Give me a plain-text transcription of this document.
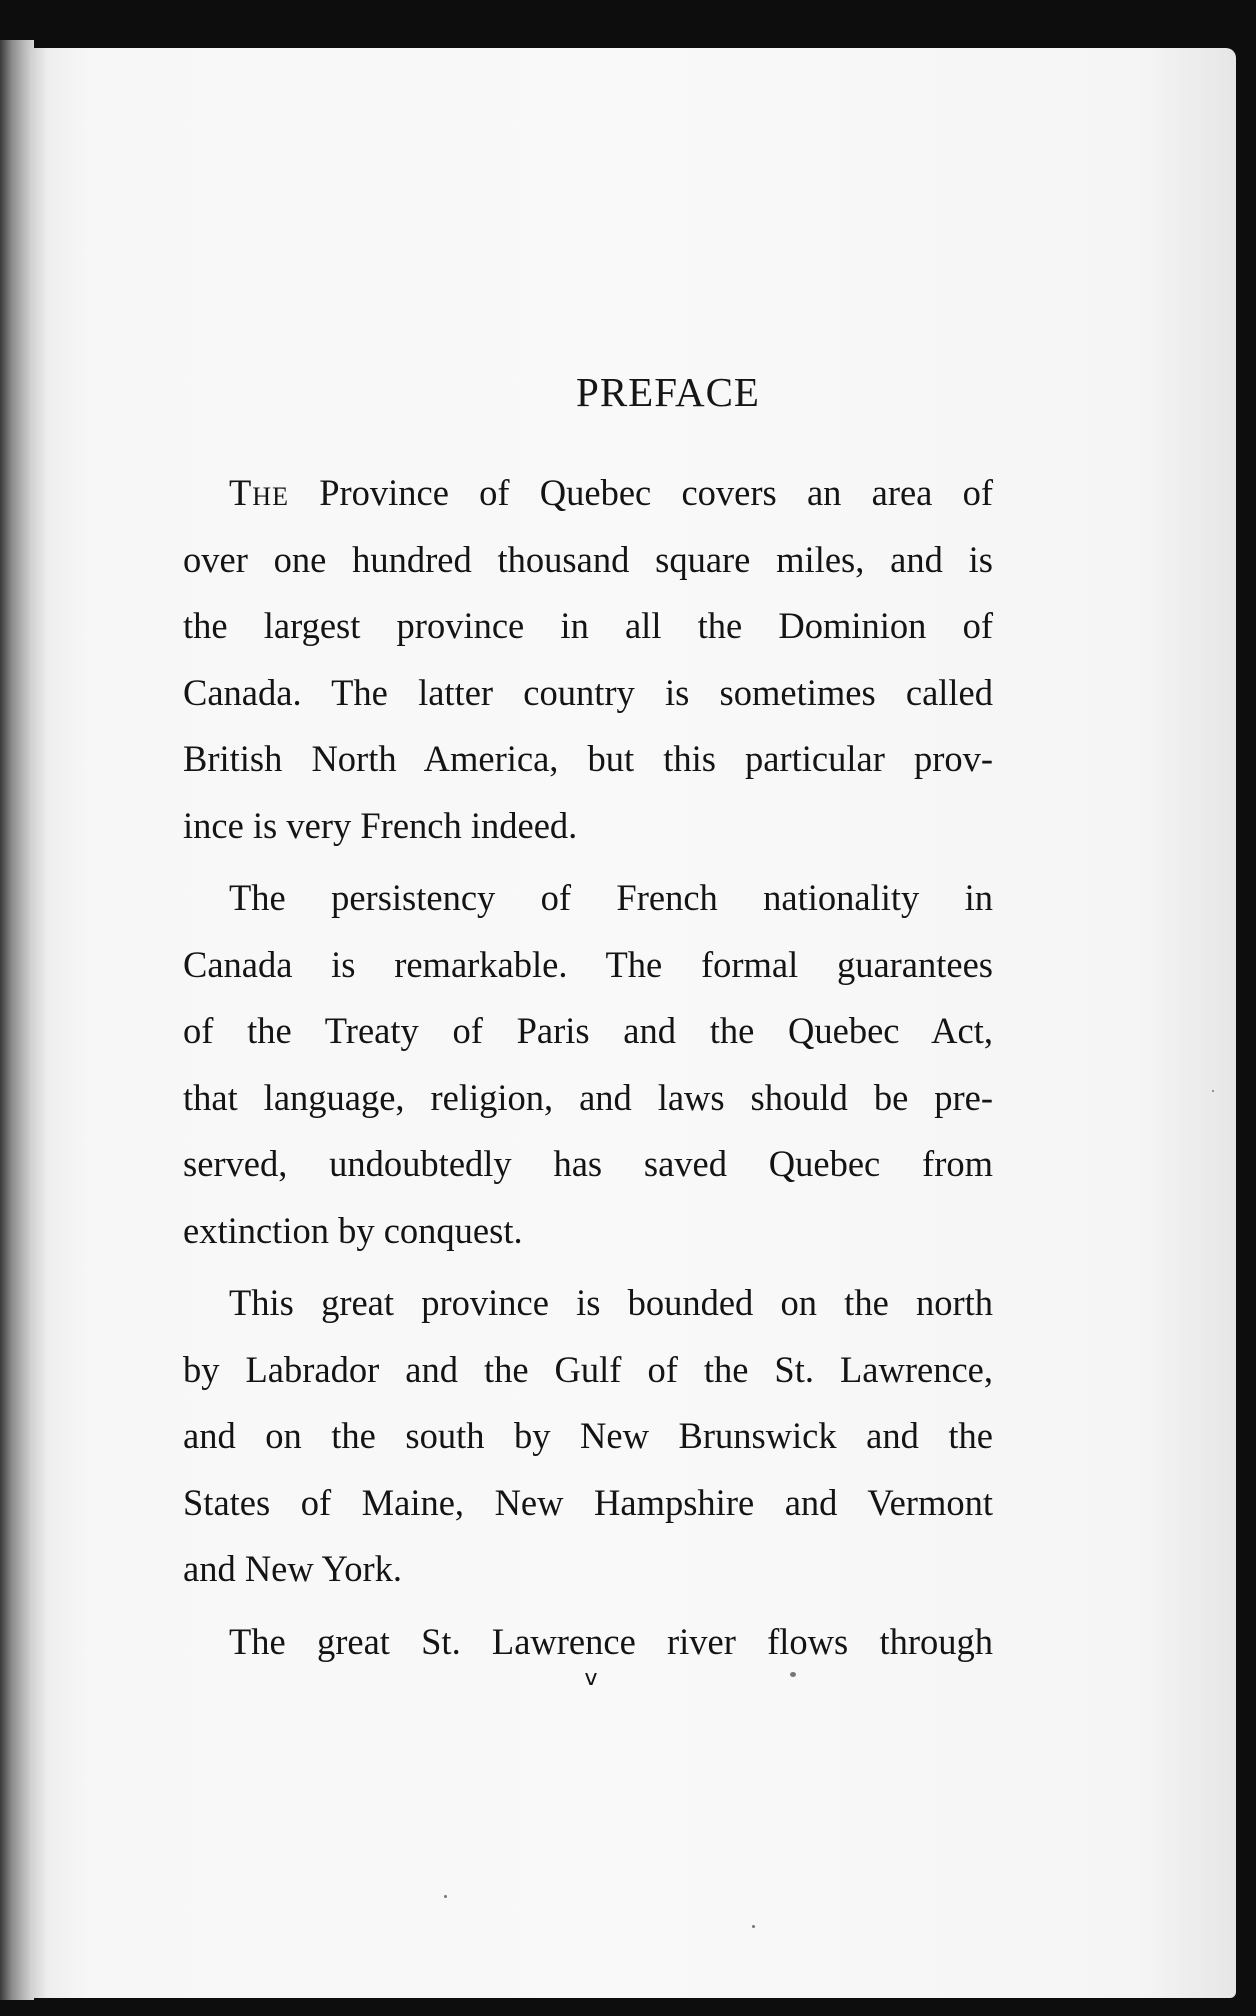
PREFACE
The Province of Quebec covers an area of
over one hundred thousand square miles, and is
the largest province in all the Dominion of
Canada. The latter country is sometimes called
British North America, but this particular prov-
ince is very French indeed.
The persistency of French nationality in
Canada is remarkable. The formal guarantees
of the Treaty of Paris and the Quebec Act,
that language, religion, and laws should be pre-
served, undoubtedly has saved Quebec from
extinction by conquest.
This great province is bounded on the north
by Labrador and the Gulf of the St. Lawrence,
and on the south by New Brunswick and the
States of Maine, New Hampshire and Vermont
and New York.
The great St. Lawrence river flows through
v
